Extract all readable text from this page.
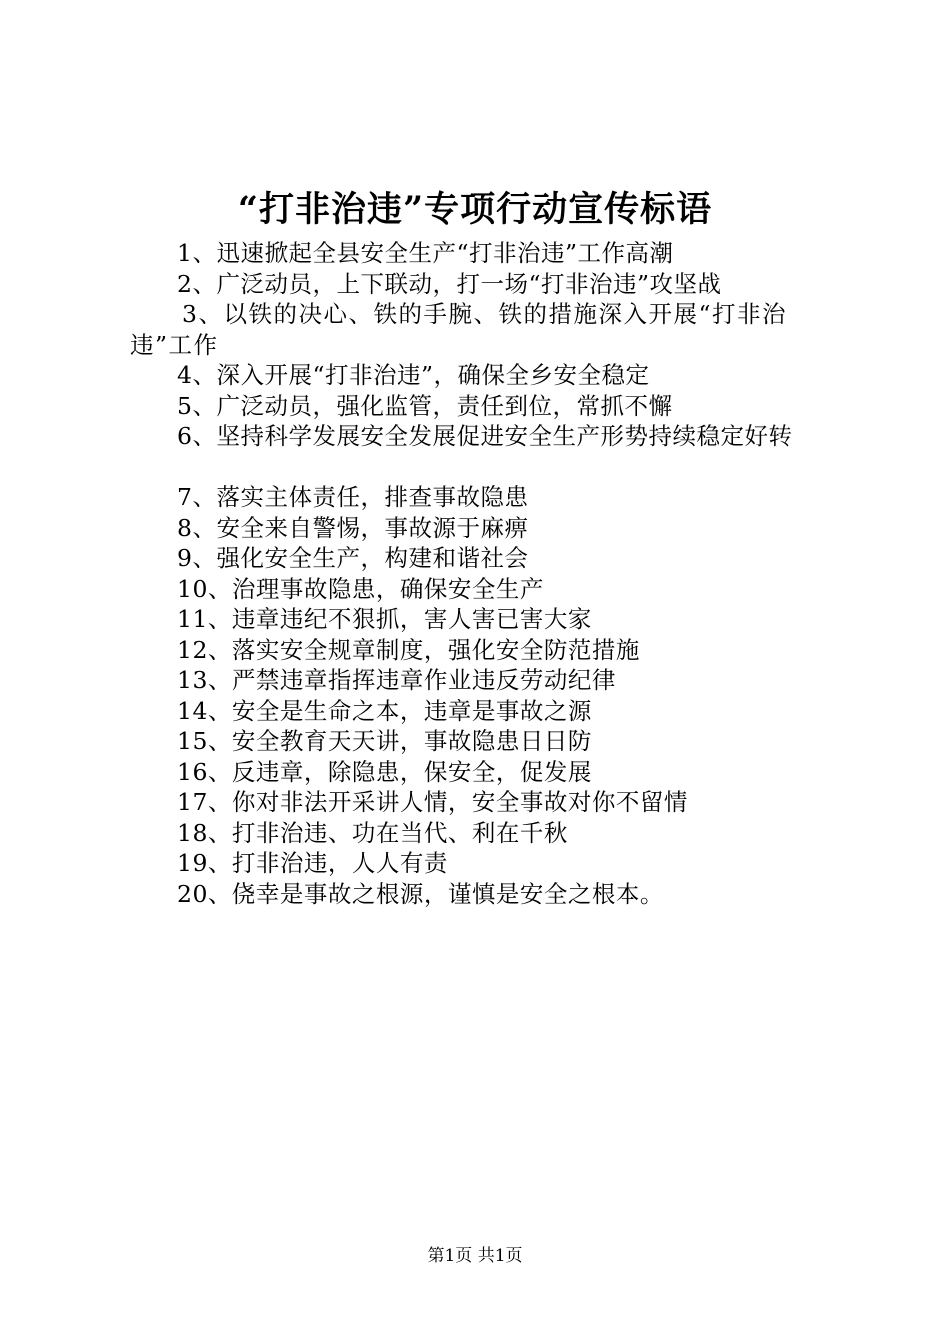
“打非治违”专项行动宣传标语
1、迅速掀起全县安全生产“打非治违”工作高潮
2、广泛动员，上下联动，打一场“打非治违”攻坚战
3、以铁的决心、铁的手腕、铁的措施深入开展“打非治违”工作
4、深入开展“打非治违”，确保全乡安全稳定
5、广泛动员，强化监管，责任到位，常抓不懈
6、坚持科学发展安全发展促进安全生产形势持续稳定好转
7、落实主体责任，排查事故隐患
8、安全来自警惕，事故源于麻痹
9、强化安全生产，构建和谐社会
10、治理事故隐患，确保安全生产
11、违章违纪不狠抓，害人害已害大家
12、落实安全规章制度，强化安全防范措施
13、严禁违章指挥违章作业违反劳动纪律
14、安全是生命之本，违章是事故之源
15、安全教育天天讲，事故隐患日日防
16、反违章，除隐患，保安全，促发展
17、你对非法开采讲人情，安全事故对你不留情
18、打非治违、功在当代、利在千秋
19、打非治违，人人有责
20、侥幸是事故之根源，谨慎是安全之根本。
第1页 共1页
